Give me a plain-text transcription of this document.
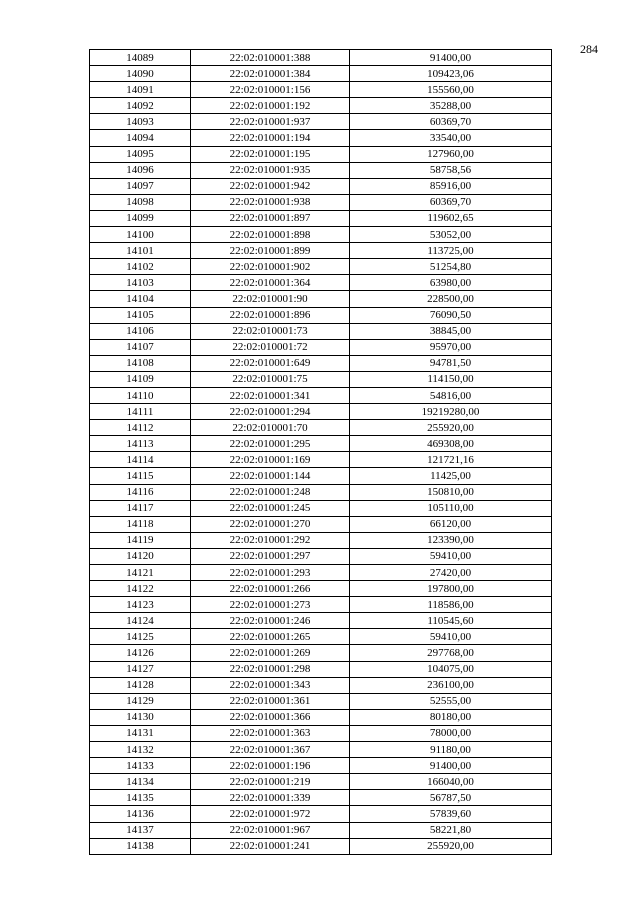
284
14089	22:02:010001:388	91400,00
14090	22:02:010001:384	109423,06
14091	22:02:010001:156	155560,00
14092	22:02:010001:192	35288,00
14093	22:02:010001:937	60369,70
14094	22:02:010001:194	33540,00
14095	22:02:010001:195	127960,00
14096	22:02:010001:935	58758,56
14097	22:02:010001:942	85916,00
14098	22:02:010001:938	60369,70
14099	22:02:010001:897	119602,65
14100	22:02:010001:898	53052,00
14101	22:02:010001:899	113725,00
14102	22:02:010001:902	51254,80
14103	22:02:010001:364	63980,00
14104	22:02:010001:90	228500,00
14105	22:02:010001:896	76090,50
14106	22:02:010001:73	38845,00
14107	22:02:010001:72	95970,00
14108	22:02:010001:649	94781,50
14109	22:02:010001:75	114150,00
14110	22:02:010001:341	54816,00
14111	22:02:010001:294	19219280,00
14112	22:02:010001:70	255920,00
14113	22:02:010001:295	469308,00
14114	22:02:010001:169	121721,16
14115	22:02:010001:144	11425,00
14116	22:02:010001:248	150810,00
14117	22:02:010001:245	105110,00
14118	22:02:010001:270	66120,00
14119	22:02:010001:292	123390,00
14120	22:02:010001:297	59410,00
14121	22:02:010001:293	27420,00
14122	22:02:010001:266	197800,00
14123	22:02:010001:273	118586,00
14124	22:02:010001:246	110545,60
14125	22:02:010001:265	59410,00
14126	22:02:010001:269	297768,00
14127	22:02:010001:298	104075,00
14128	22:02:010001:343	236100,00
14129	22:02:010001:361	52555,00
14130	22:02:010001:366	80180,00
14131	22:02:010001:363	78000,00
14132	22:02:010001:367	91180,00
14133	22:02:010001:196	91400,00
14134	22:02:010001:219	166040,00
14135	22:02:010001:339	56787,50
14136	22:02:010001:972	57839,60
14137	22:02:010001:967	58221,80
14138	22:02:010001:241	255920,00
